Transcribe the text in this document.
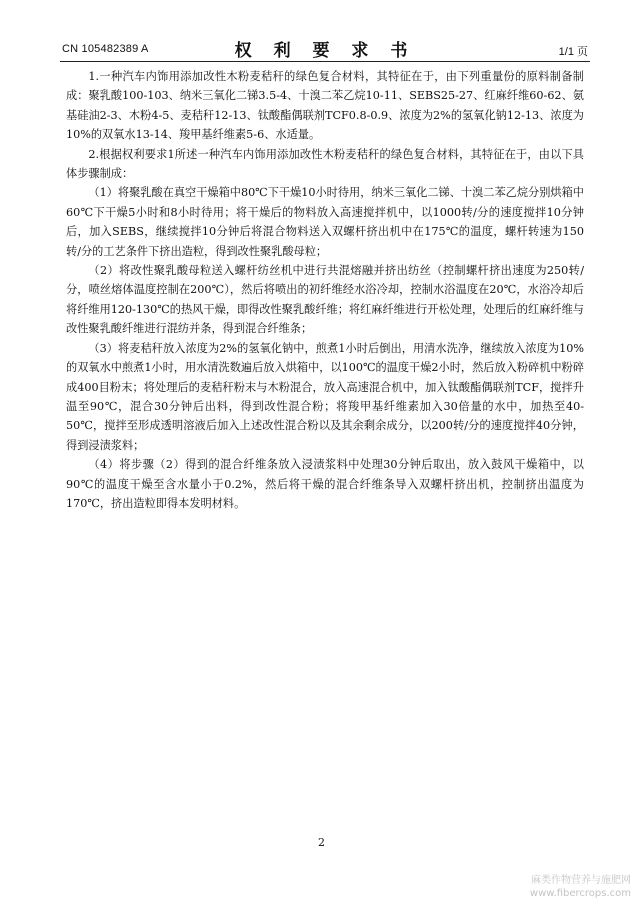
CN 105482389 A	权 利 要 求 书	1/1 页

1.一种汽车内饰用添加改性木粉麦秸秆的绿色复合材料，其特征在于，由下列重量份的原料制备制成：聚乳酸100-103、纳米三氧化二锑3.5-4、十溴二苯乙烷10-11、SEBS25-27、红麻纤维60-62、氨基硅油2-3、木粉4-5、麦秸秆12-13、钛酸酯偶联剂TCF0.8-0.9、浓度为2%的氢氧化钠12-13、浓度为10%的双氧水13-14、羧甲基纤维素5-6、水适量。

2.根据权利要求1所述一种汽车内饰用添加改性木粉麦秸秆的绿色复合材料，其特征在于，由以下具体步骤制成：

（1）将聚乳酸在真空干燥箱中80℃下干燥10小时待用，纳米三氧化二锑、十溴二苯乙烷分别烘箱中60℃下干燥5小时和8小时待用；将干燥后的物料放入高速搅拌机中，以1000转/分的速度搅拌10分钟后，加入SEBS，继续搅拌10分钟后将混合物料送入双螺杆挤出机中在175℃的温度，螺杆转速为150转/分的工艺条件下挤出造粒，得到改性聚乳酸母粒；

（2）将改性聚乳酸母粒送入螺杆纺丝机中进行共混熔融并挤出纺丝（控制螺杆挤出速度为250转/分，喷丝熔体温度控制在200℃），然后将喷出的初纤维经水浴冷却，控制水浴温度在20℃，水浴冷却后将纤维用120-130℃的热风干燥，即得改性聚乳酸纤维；将红麻纤维进行开松处理，处理后的红麻纤维与改性聚乳酸纤维进行混纺并条，得到混合纤维条；

（3）将麦秸秆放入浓度为2%的氢氧化钠中，煎煮1小时后倒出，用清水洗净，继续放入浓度为10%的双氧水中煎煮1小时，用水清洗数遍后放入烘箱中，以100℃的温度干燥2小时，然后放入粉碎机中粉碎成400目粉末；将处理后的麦秸秆粉末与木粉混合，放入高速混合机中，加入钛酸酯偶联剂TCF，搅拌升温至90℃，混合30分钟后出料，得到改性混合粉；将羧甲基纤维素加入30倍量的水中，加热至40-50℃，搅拌至形成透明溶液后加入上述改性混合粉以及其余剩余成分，以200转/分的速度搅拌40分钟，得到浸渍浆料；

（4）将步骤（2）得到的混合纤维条放入浸渍浆料中处理30分钟后取出，放入鼓风干燥箱中，以90℃的温度干燥至含水量小于0.2%，然后将干燥的混合纤维条导入双螺杆挤出机，控制挤出温度为170℃，挤出造粒即得本发明材料。

2
麻类作物营养与施肥网
www.fibercrops.com
